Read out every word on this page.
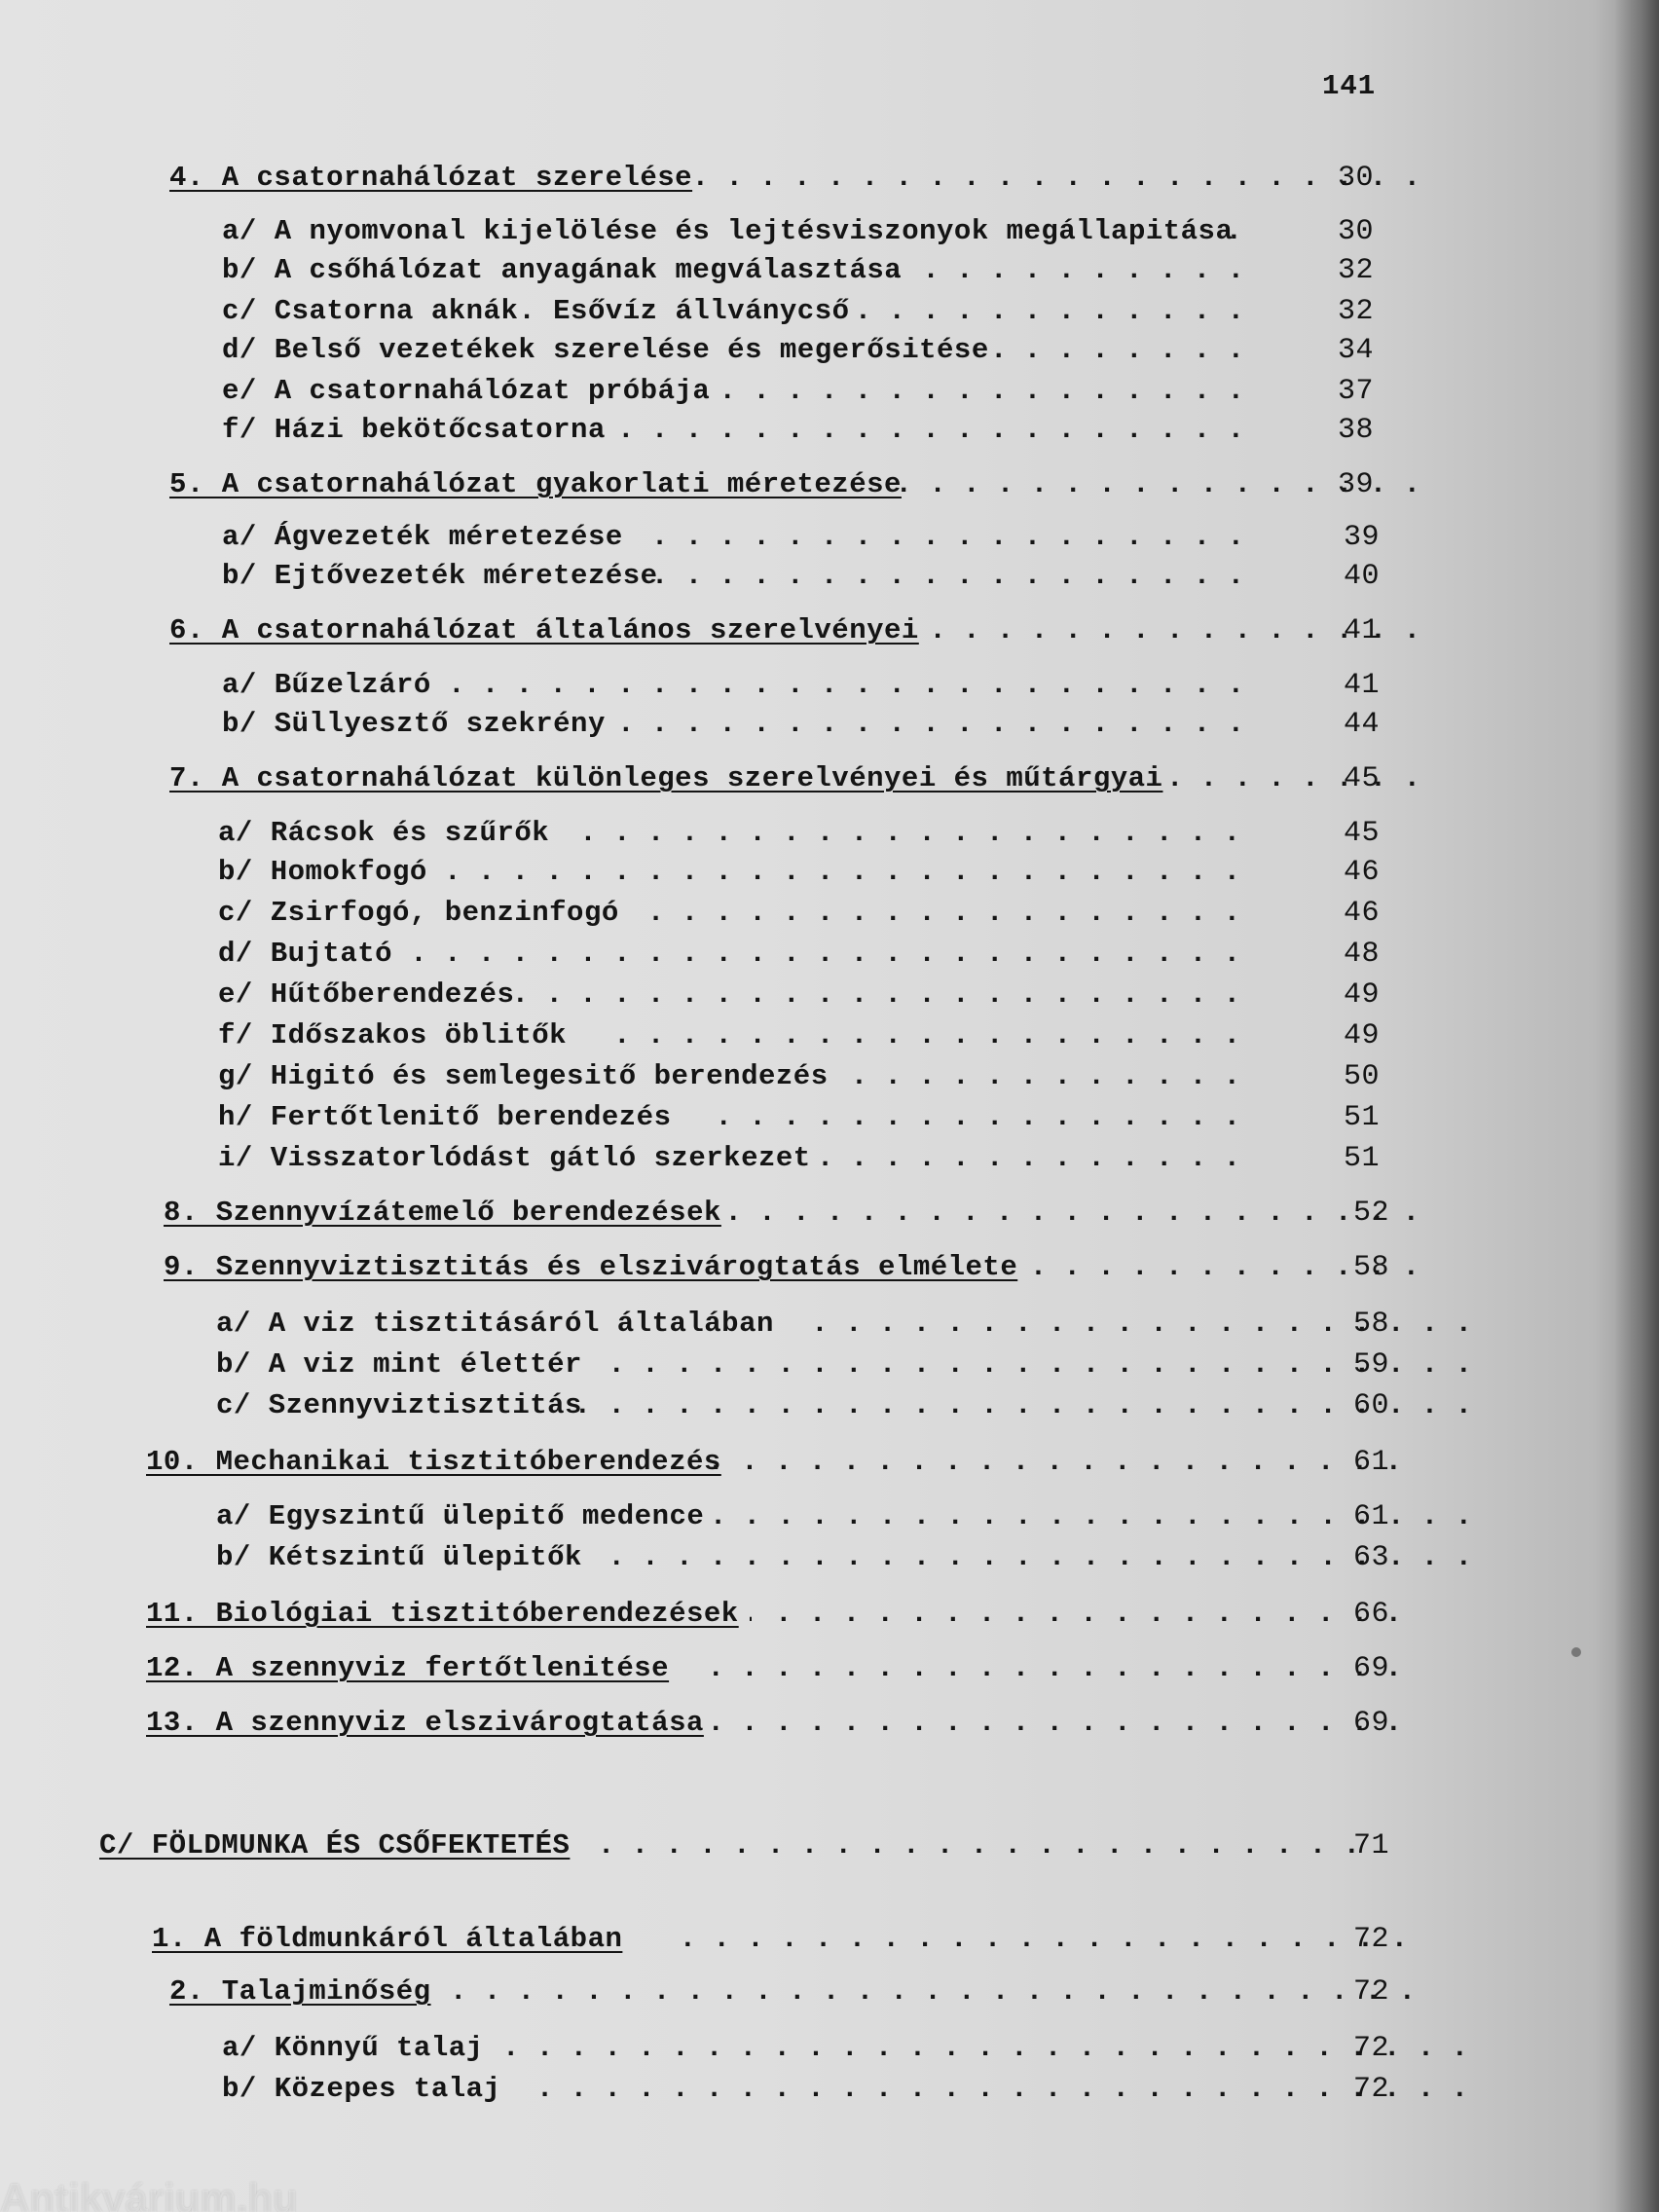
141
4. A csatornahálózat szerelése . . .	30
a/ A nyomvonal kijelölése és lejtésviszonyok megállapitása . . .	30
b/ A csőhálózat anyagának megválasztása . . .	32
c/ Csatorna aknák. Esővíz állványcső . . .	32
d/ Belső vezetékek szerelése és megerősitése . . .	34
e/ A csatornahálózat próbája . . .	37
f/ Házi bekötőcsatorna . . .	38
5. A csatornahálózat gyakorlati méretezése . . .	39
a/ Ágvezeték méretezése . . .	39
b/ Ejtővezeték méretezése . . .	40
6. A csatornahálózat általános szerelvényei . . .	41
a/ Bűzelzáró . . .	41
b/ Süllyesztő szekrény . . .	44
7. A csatornahálózat különleges szerelvényei és műtárgyai . . .	45
a/ Rácsok és szűrők . . .	45
b/ Homokfogó . . .	46
c/ Zsirfogó, benzinfogó . . .	46
d/ Bujtató . . .	48
e/ Hűtőberendezés . . .	49
f/ Időszakos öblitők . . .	49
g/ Higitó és semlegesitő berendezés . . .	50
h/ Fertőtlenitő berendezés . . .	51
i/ Visszatorlódást gátló szerkezet . . .	51
8. Szennyvízátemelő berendezések . . .	52
9. Szennyviztisztitás és elszivárogtatás elmélete . . .	58
a/ A viz tisztitásáról általában . . .	58
b/ A viz mint élettér . . .	59
c/ Szennyviztisztitás . . .	60
10. Mechanikai tisztitóberendezés . . .	61
a/ Egyszintű ülepitő medence . . .	61
b/ Kétszintű ülepitők . . .	63
11. Biológiai tisztitóberendezések . . .	66
12. A szennyviz fertőtlenitése . . .	69
13. A szennyviz elszivárogtatása . . .	69
C/ FÖLDMUNKA ÉS CSŐFEKTETÉS . . .	71
1. A földmunkáról általában . . .	72
2. Talajminőség . . .	72
a/ Könnyű talaj . . .	72
b/ Közepes talaj . . .	72
Antikvárium.hu
